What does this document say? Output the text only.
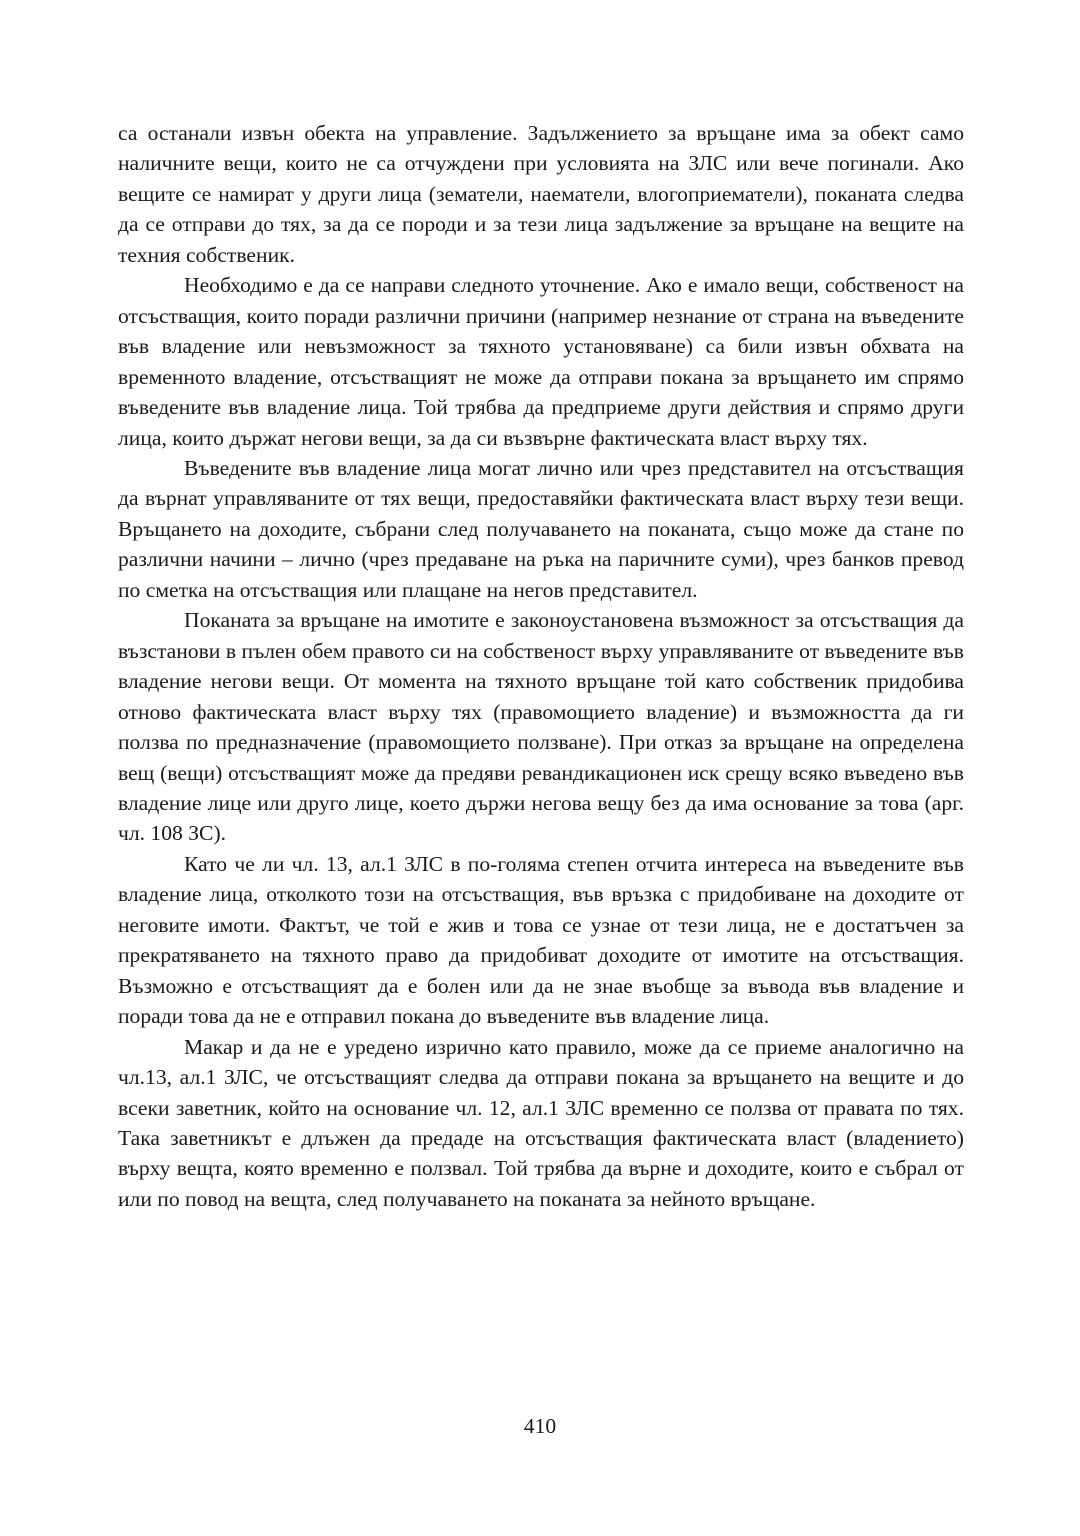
са останали извън обекта на управление. Задължението за връщане има за обект само наличните вещи, които не са отчуждени при условията на ЗЛС или вече погинали. Ако вещите се намират у други лица (зематели, наематели, влогоприематели), поканата следва да се отправи до тях, за да се породи и за тези лица задължение за връщане на вещите на техния собственик.

Необходимо е да се направи следното уточнение. Ако е имало вещи, собственост на отсъстващия, които поради различни причини (например незнание от страна на въведените във владение или невъзможност за тяхното установяване) са били извън обхвата на временното владение, отсъстващият не може да отправи покана за връщането им спрямо въведените във владение лица. Той трябва да предприеме други действия и спрямо други лица, които държат негови вещи, за да си възвърне фактическата власт върху тях.

Въведените във владение лица могат лично или чрез представител на отсъстващия да върнат управляваните от тях вещи, предоставяйки фактическата власт върху тези вещи. Връщането на доходите, събрани след получаването на поканата, също може да стане по различни начини – лично (чрез предаване на ръка на паричните суми), чрез банков превод по сметка на отсъстващия или плащане на негов представител.

Поканата за връщане на имотите е законоустановена възможност за отсъстващия да възстанови в пълен обем правото си на собственост върху управляваните от въведените във владение негови вещи. От момента на тяхното връщане той като собственик придобива отново фактическата власт върху тях (правомощието владение) и възможността да ги ползва по предназначение (правомощието ползване). При отказ за връщане на определена вещ (вещи) отсъстващият може да предяви ревандикационен иск срещу всяко въведено във владение лице или друго лице, което държи негова вещу без да има основание за това (арг. чл. 108 ЗС).

Като че ли чл. 13, ал.1 ЗЛС в по-голяма степен отчита интереса на въведените във владение лица, отколкото този на отсъстващия, във връзка с придобиване на доходите от неговите имоти. Фактът, че той е жив и това се узнае от тези лица, не е достатъчен за прекратяването на тяхното право да придобиват доходите от имотите на отсъстващия. Възможно е отсъстващият да е болен или да не знае въобще за въвода във владение и поради това да не е отправил покана до въведените във владение лица.

Макар и да не е уредено изрично като правило, може да се приеме аналогично на чл.13, ал.1 ЗЛС, че отсъстващият следва да отправи покана за връщането на вещите и до всеки заветник, който на основание чл. 12, ал.1 ЗЛС временно се ползва от правата по тях. Така заветникът е длъжен да предаде на отсъстващия фактическата власт (владението) върху вещта, която временно е ползвал. Той трябва да върне и доходите, които е събрал от или по повод на вещта, след получаването на поканата за нейното връщане.

410
